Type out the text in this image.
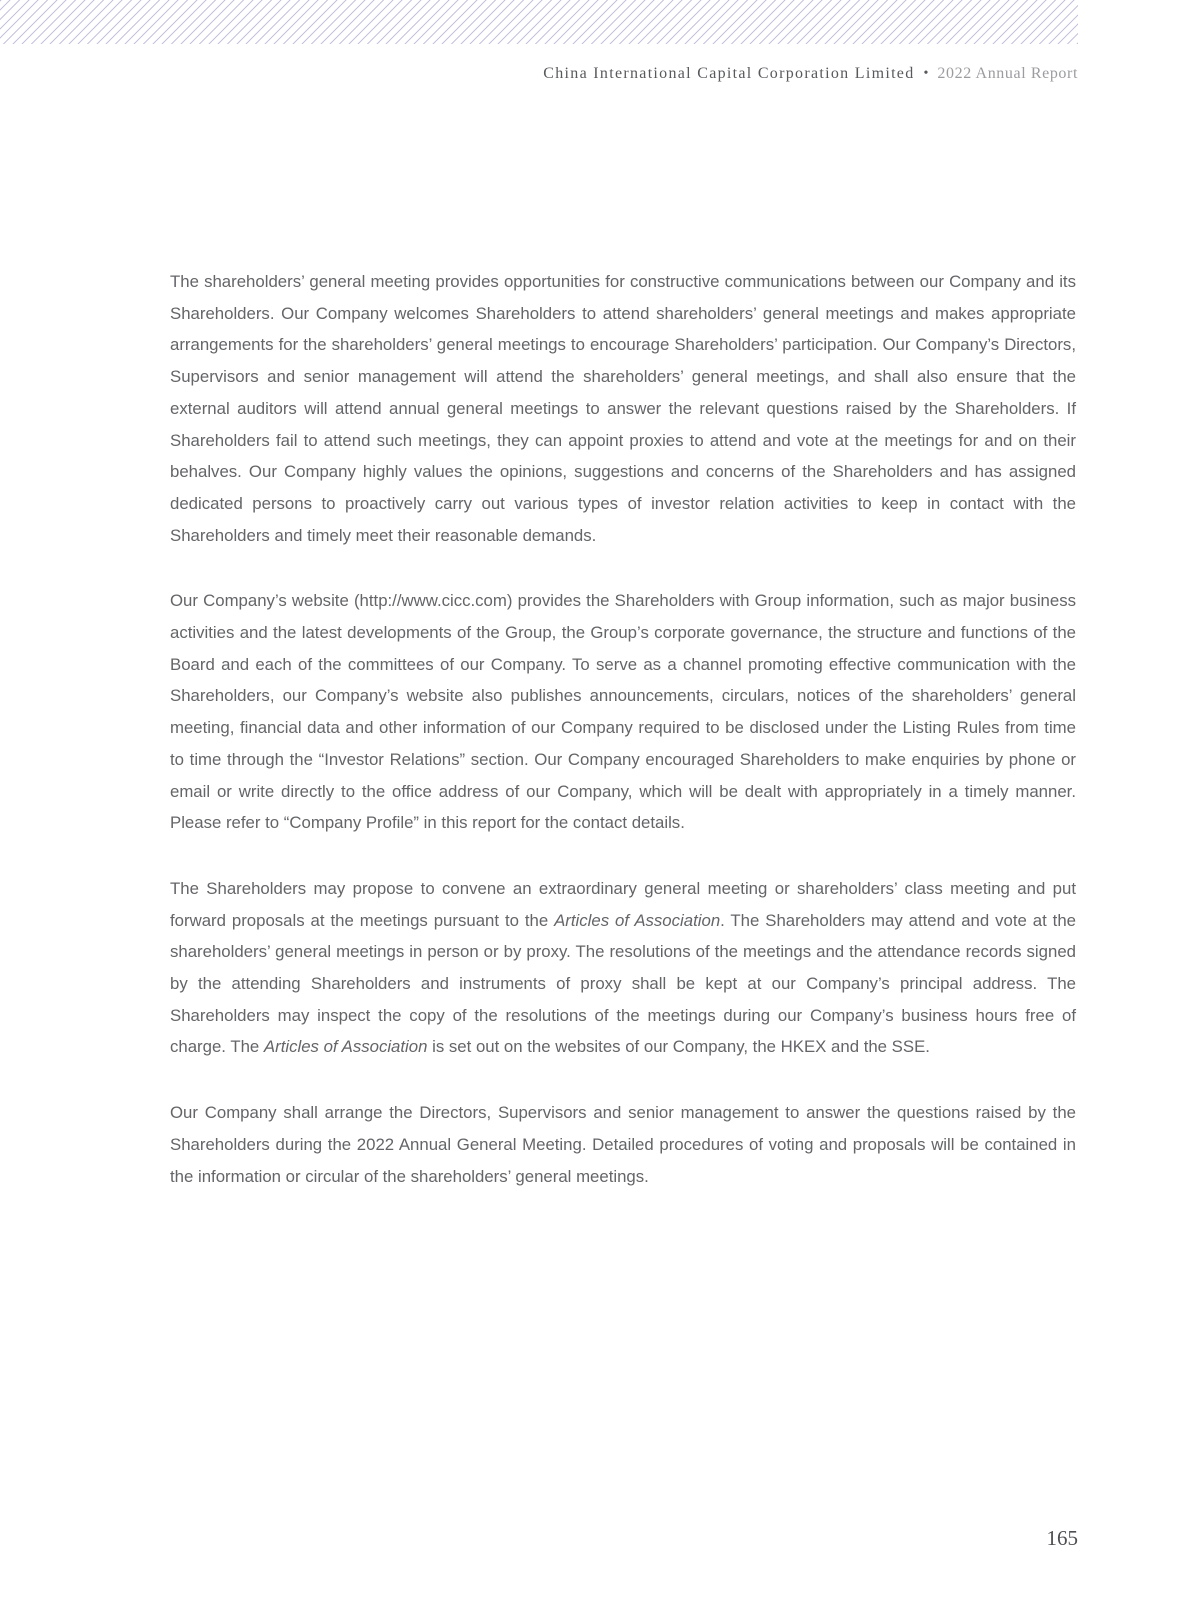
China International Capital Corporation Limited • 2022 Annual Report

The shareholders’ general meeting provides opportunities for constructive communications between our Company and its Shareholders. Our Company welcomes Shareholders to attend shareholders’ general meetings and makes appropriate arrangements for the shareholders’ general meetings to encourage Shareholders’ participation. Our Company’s Directors, Supervisors and senior management will attend the shareholders’ general meetings, and shall also ensure that the external auditors will attend annual general meetings to answer the relevant questions raised by the Shareholders. If Shareholders fail to attend such meetings, they can appoint proxies to attend and vote at the meetings for and on their behalves. Our Company highly values the opinions, suggestions and concerns of the Shareholders and has assigned dedicated persons to proactively carry out various types of investor relation activities to keep in contact with the Shareholders and timely meet their reasonable demands.

Our Company’s website (http://www.cicc.com) provides the Shareholders with Group information, such as major business activities and the latest developments of the Group, the Group’s corporate governance, the structure and functions of the Board and each of the committees of our Company. To serve as a channel promoting effective communication with the Shareholders, our Company’s website also publishes announcements, circulars, notices of the shareholders’ general meeting, financial data and other information of our Company required to be disclosed under the Listing Rules from time to time through the “Investor Relations” section. Our Company encouraged Shareholders to make enquiries by phone or email or write directly to the office address of our Company, which will be dealt with appropriately in a timely manner. Please refer to “Company Profile” in this report for the contact details.

The Shareholders may propose to convene an extraordinary general meeting or shareholders’ class meeting and put forward proposals at the meetings pursuant to the Articles of Association. The Shareholders may attend and vote at the shareholders’ general meetings in person or by proxy. The resolutions of the meetings and the attendance records signed by the attending Shareholders and instruments of proxy shall be kept at our Company’s principal address. The Shareholders may inspect the copy of the resolutions of the meetings during our Company’s business hours free of charge. The Articles of Association is set out on the websites of our Company, the HKEX and the SSE.

Our Company shall arrange the Directors, Supervisors and senior management to answer the questions raised by the Shareholders during the 2022 Annual General Meeting. Detailed procedures of voting and proposals will be contained in the information or circular of the shareholders’ general meetings.

165
